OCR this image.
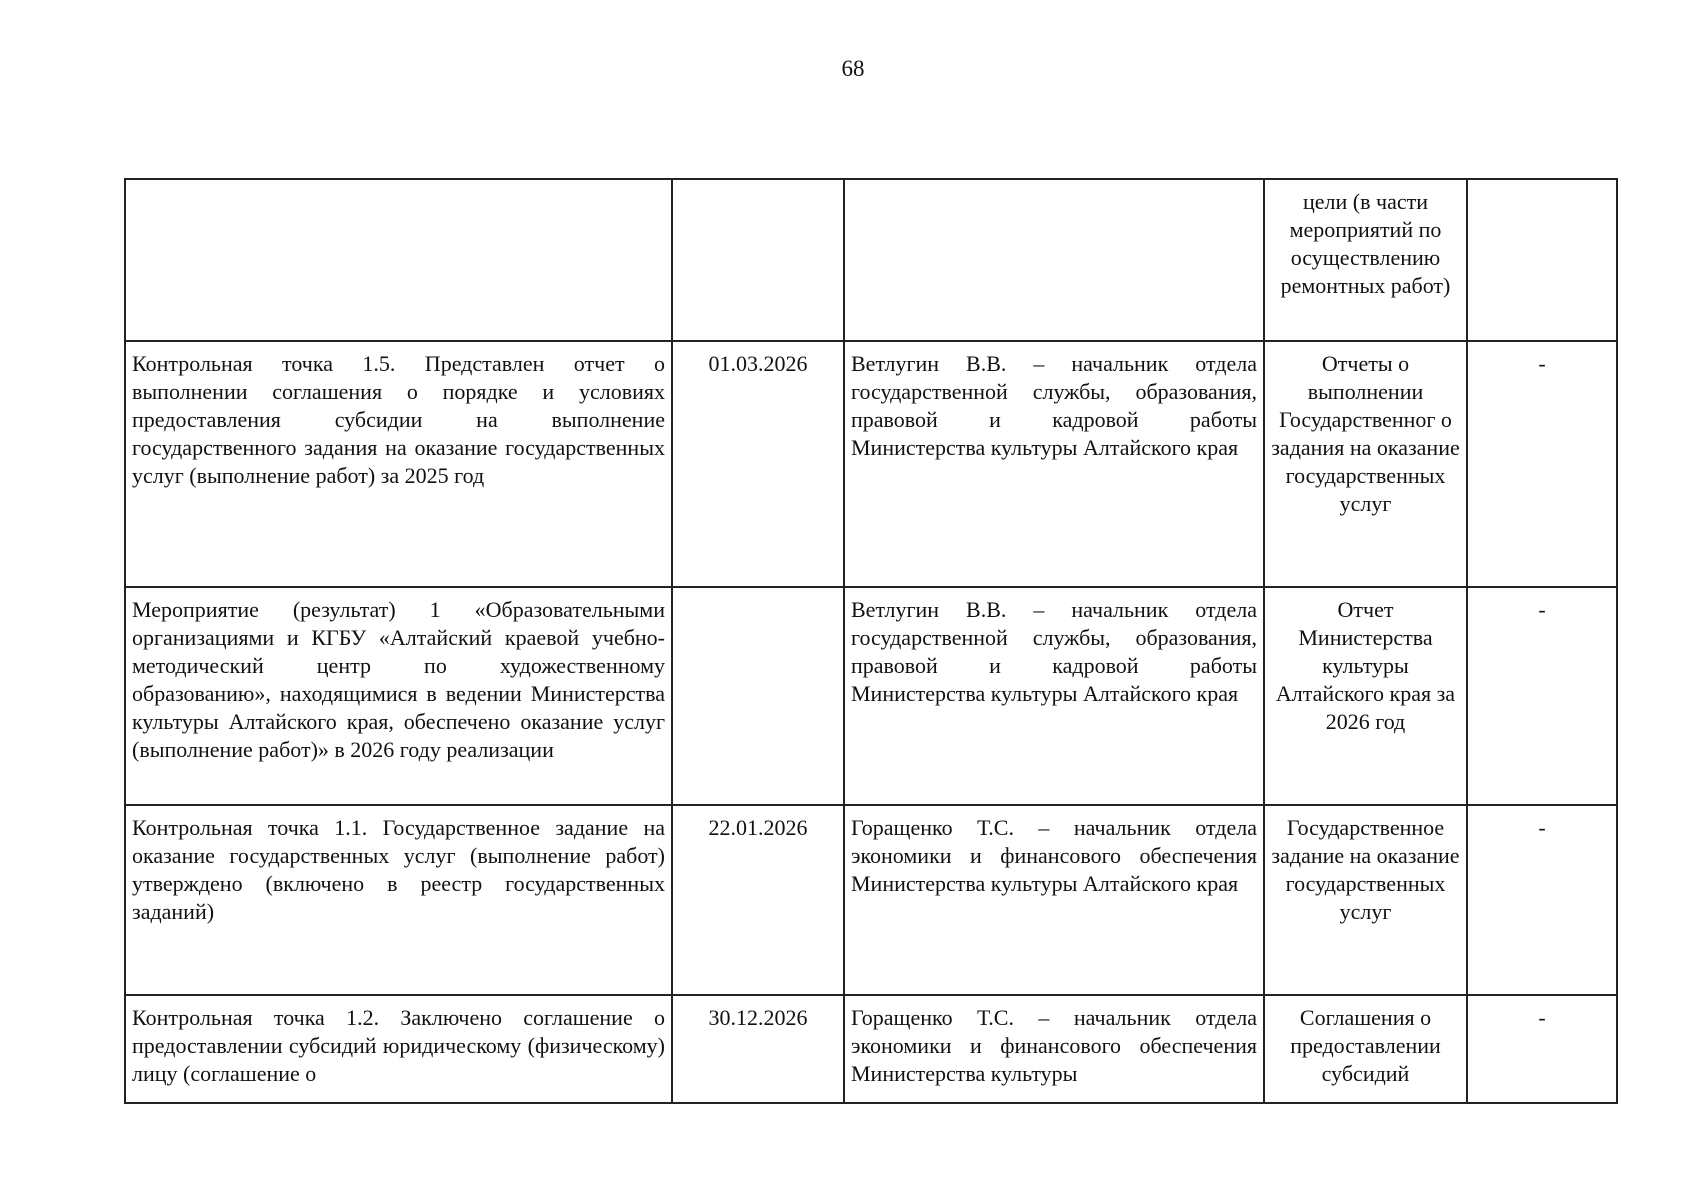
68

			цели (в части мероприятий по осуществлению ремонтных работ)	

Контрольная точка 1.5. Представлен отчет о выполнении соглашения о порядке и условиях предоставления субсидии на выполнение государственного задания на оказание государственных услуг (выполнение работ) за 2025 год	01.03.2026	Ветлугин В.В. – начальник отдела государственной службы, образования, правовой и кадровой работы Министерства культуры Алтайского края	Отчеты о выполнении Государственног о задания на оказание государственных услуг	-

Мероприятие (результат) 1 «Образовательными организациями и КГБУ «Алтайский краевой учебно-методический центр по художественному образованию», находящимися в ведении Министерства культуры Алтайского края, обеспечено оказание услуг (выполнение работ)» в 2026 году реализации		Ветлугин В.В. – начальник отдела государственной службы, образования, правовой и кадровой работы Министерства культуры Алтайского края	Отчет Министерства культуры Алтайского края за 2026 год	-

Контрольная точка 1.1. Государственное задание на оказание государственных услуг (выполнение работ) утверждено (включено в реестр государственных заданий)	22.01.2026	Горащенко Т.С. – начальник отдела экономики и финансового обеспечения Министерства культуры Алтайского края	Государственное задание на оказание государственных услуг	-

Контрольная точка 1.2. Заключено соглашение о предоставлении субсидий юридическому (физическому) лицу (соглашение о	30.12.2026	Горащенко Т.С. – начальник отдела экономики и финансового обеспечения Министерства культуры	Соглашения о предоставлении субсидий	-
